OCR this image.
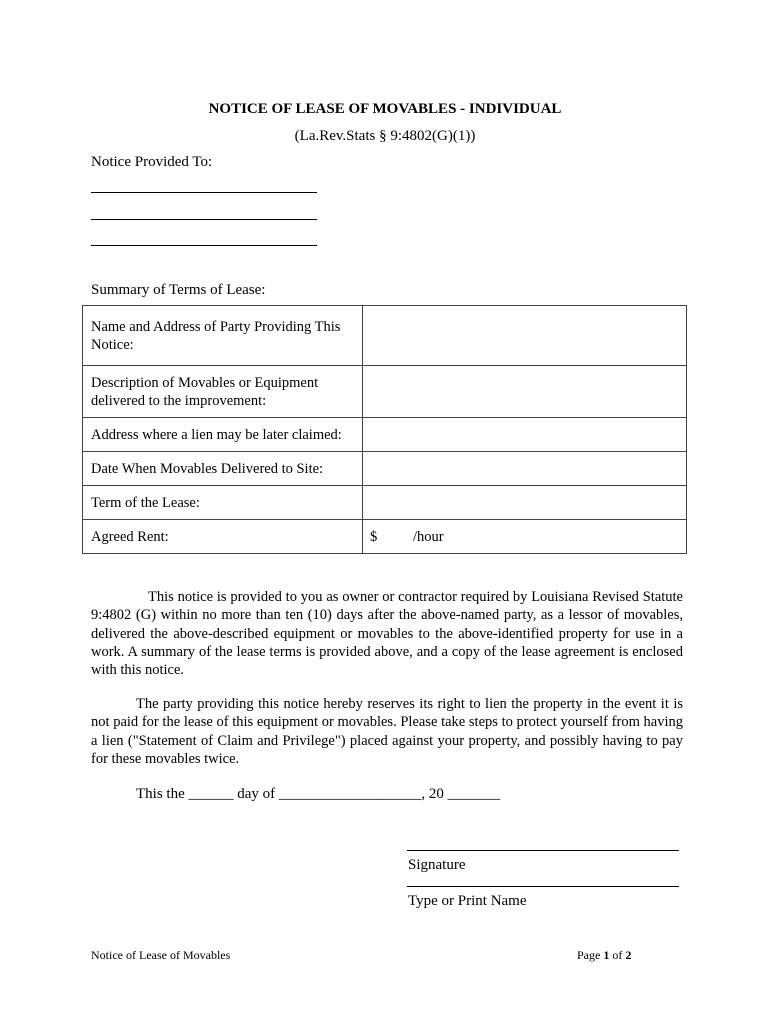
NOTICE OF LEASE OF MOVABLES - INDIVIDUAL
(La.Rev.Stats § 9:4802(G)(1))
Notice Provided To:
Summary of Terms of Lease:
Name and Address of Party Providing This
Notice:	
Description of Movables or Equipment
delivered to the improvement:	
Address where a lien may be later claimed:	
Date When Movables Delivered to Site:	
Term of the Lease:	
Agreed Rent:	$ /hour
This notice is provided to you as owner or contractor required by Louisiana Revised Statute 9:4802 (G) within no more than ten (10) days after the above-named party, as a lessor of movables, delivered the above-described equipment or movables to the above-identified property for use in a work. A summary of the lease terms is provided above, and a copy of the lease agreement is enclosed with this notice.
The party providing this notice hereby reserves its right to lien the property in the event it is not paid for the lease of this equipment or movables. Please take steps to protect yourself from having a lien ("Statement of Claim and Privilege") placed against your property, and possibly having to pay for these movables twice.
This the ______ day of ___________________, 20 _______
Signature
Type or Print Name
Notice of Lease of Movables	Page 1 of 2
